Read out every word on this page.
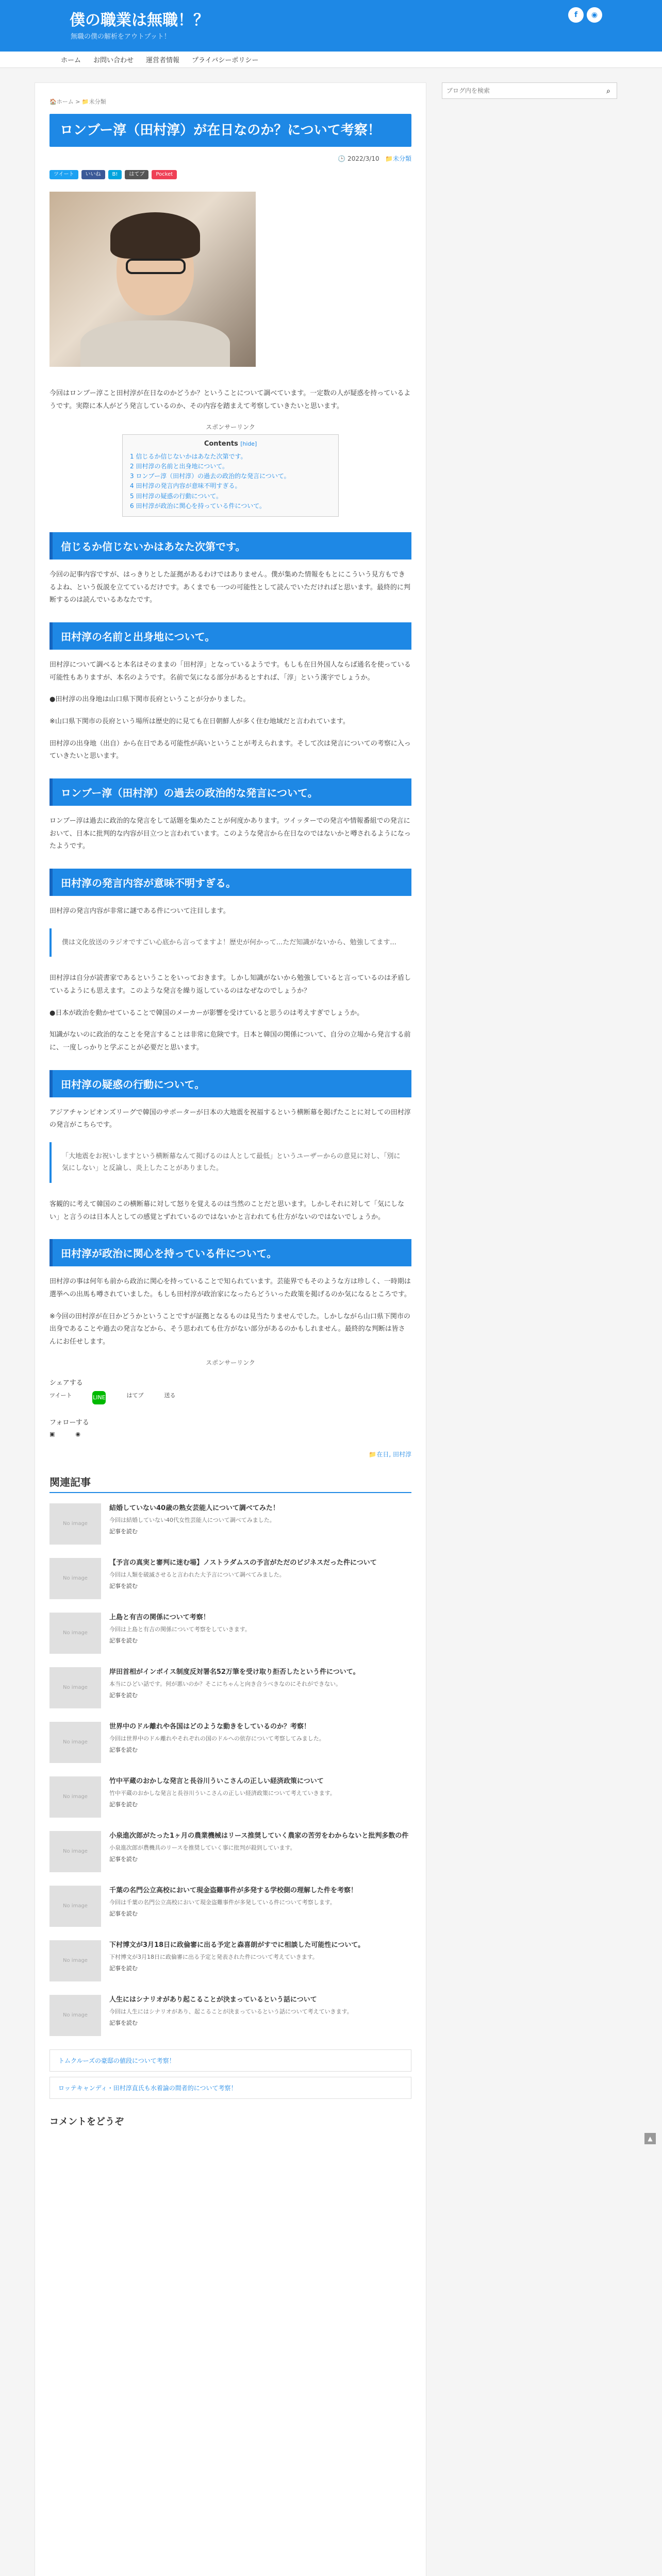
僕の職業は無職！？
無職の僕の解析をアウトプット！
f	◉
ホーム お問い合わせ 運営者情報 プライバシーポリシー
🏠ホーム > 📁未分類
ロンブー淳（田村淳）が在日なのか？について考察！
🕒 2022/3/10 📁未分類
ツイート	いいね	B!	はてブ	Pocket

今回はロンブー淳こと田村淳が在日なのかどうか？ということについて調べています。一定数の人が疑惑を持っているようです。実際に本人がどう発言しているのか、その内容を踏まえて考察していきたいと思います。

スポンサーリンク
Contents [hide]
1 信じるか信じないかはあなた次第です。
2 田村淳の名前と出身地について。
3 ロンブー淳（田村淳）の過去の政治的な発言について。
4 田村淳の発言内容が意味不明すぎる。
5 田村淳の疑惑の行動について。
6 田村淳が政治に関心を持っている件について。
信じるか信じないかはあなた次第です。

今回の記事内容ですが、はっきりとした証拠があるわけではありません。僕が集めた情報をもとにこういう見方もできるよね、という仮説を立てているだけです。あくまでも一つの可能性として読んでいただければと思います。最終的に判断するのは読んでいるあなたです。

田村淳の名前と出身地について。

田村淳について調べると本名はそのままの「田村淳」となっているようです。もしも在日外国人ならば通名を使っている可能性もありますが、本名のようです。名前で気になる部分があるとすれば、「淳」という漢字でしょうか。

●田村淳の出身地は山口県下関市長府ということが分かりました。

※山口県下関市の長府という場所は歴史的に見ても在日朝鮮人が多く住む地域だと言われています。

田村淳の出身地（出自）から在日である可能性が高いということが考えられます。そして次は発言についての考察に入っていきたいと思います。

ロンブー淳（田村淳）の過去の政治的な発言について。

ロンブー淳は過去に政治的な発言をして話題を集めたことが何度かあります。ツイッターでの発言や情報番組での発言において、日本に批判的な内容が目立つと言われています。このような発言から在日なのではないかと噂されるようになったようです。

田村淳の発言内容が意味不明すぎる。

田村淳の発言内容が非常に謎である件について注目します。

僕は文化放送のラジオですごい心底から言ってますよ！歴史が何かって...ただ知識がないから、勉強してます...

田村淳は自分が読書家であるということをいっておきます。しかし知識がないから勉強していると言っているのは矛盾しているようにも思えます。このような発言を繰り返しているのはなぜなのでしょうか？

●日本が政治を動かせていることで韓国のメーカーが影響を受けていると思うのは考えすぎでしょうか。

知識がないのに政治的なことを発言することは非常に危険です。日本と韓国の関係について、自分の立場から発言する前に、一度しっかりと学ぶことが必要だと思います。

田村淳の疑惑の行動について。

アジアチャンピオンズリーグで韓国のサポーターが日本の大地震を祝福するという横断幕を掲げたことに対しての田村淳の発言がこちらです。

「大地震をお祝いしますという横断幕なんて掲げるのは人として最低」というユーザーからの意見に対し、「別に気にしない」と反論し、炎上したことがありました。

客観的に考えて韓国のこの横断幕に対して怒りを覚えるのは当然のことだと思います。しかしそれに対して「気にしない」と言うのは日本人としての感覚とずれているのではないかと言われても仕方がないのではないでしょうか。

田村淳が政治に関心を持っている件について。

田村淳の事は何年も前から政治に関心を持っていることで知られています。芸能界でもそのような方は珍しく、一時期は選挙への出馬も噂されていました。もしも田村淳が政治家になったらどういった政策を掲げるのか気になるところです。

※今回の田村淳が在日かどうかということですが証拠となるものは見当たりませんでした。しかしながら山口県下関市の出身であることや過去の発言などから、そう思われても仕方がない部分があるのかもしれません。最終的な判断は皆さんにお任せします。

スポンサーリンク
シェアする
ツイート	LINE	はてブ	送る
フォローする
▣	◉
📁在日, 田村淳
関連記事
No image
結婚していない40歳の熟女芸能人について調べてみた！

今回は結婚していない40代女性芸能人について調べてみました。

記事を読む
No image
【予言の真実と審判に迷む場】ノストラダムスの予言がただのビジネスだった件について

今回は人類を破滅させると言われた大予言について調べてみました。

記事を読む
No image
上島と有吉の関係について考察！

今回は上島と有吉の関係について考察をしていきます。

記事を読む
No image
岸田首相がインボイス制度反対署名52万筆を受け取り拒否したという件について。

本当にひどい話です。何が悪いのか？そこにちゃんと向き合うべきなのにそれができない。

記事を読む
No image
世界中のドル離れや各国はどのような動きをしているのか？考察！

今回は世界中のドル離れやそれぞれの国のドルへの依存について考察してみました。

記事を読む
No image
竹中平蔵のおかしな発言と長谷川ういこさんの正しい経済政策について

竹中平蔵のおかしな発言と長谷川ういこさんの正しい経済政策について考えていきます。

記事を読む
No image
小泉進次郎がたった1ヶ月の農業機械はリース推奨していく農家の苦労をわからないと批判多数の件

小泉進次郎が農機具のリースを推奨していく事に批判が殺到しています。

記事を読む
No image
千葉の名門公立高校において現金盗難事件が多発する学校側の理解した件を考察！

今回は千葉の名門公立高校において現金盗難事件が多発している件について考察します。

記事を読む
No image
下村博文が3月18日に政倫審に出る予定と森喜朗がすでに相談した可能性について。

下村博文が3月18日に政倫審に出る予定と発表された件について考えていきます。

記事を読む
No image
人生にはシナリオがあり起こることが決まっているという話について

今回は人生にはシナリオがあり、起こることが決まっているという話について考えていきます。

記事を読む
トムクルーズの豪邸の値段について考察！
ロッテキャンディ・田村淳直氏も水着論の間者的について考察！
コメントをどうぞ
ブログ内を検索
⌕
▲
